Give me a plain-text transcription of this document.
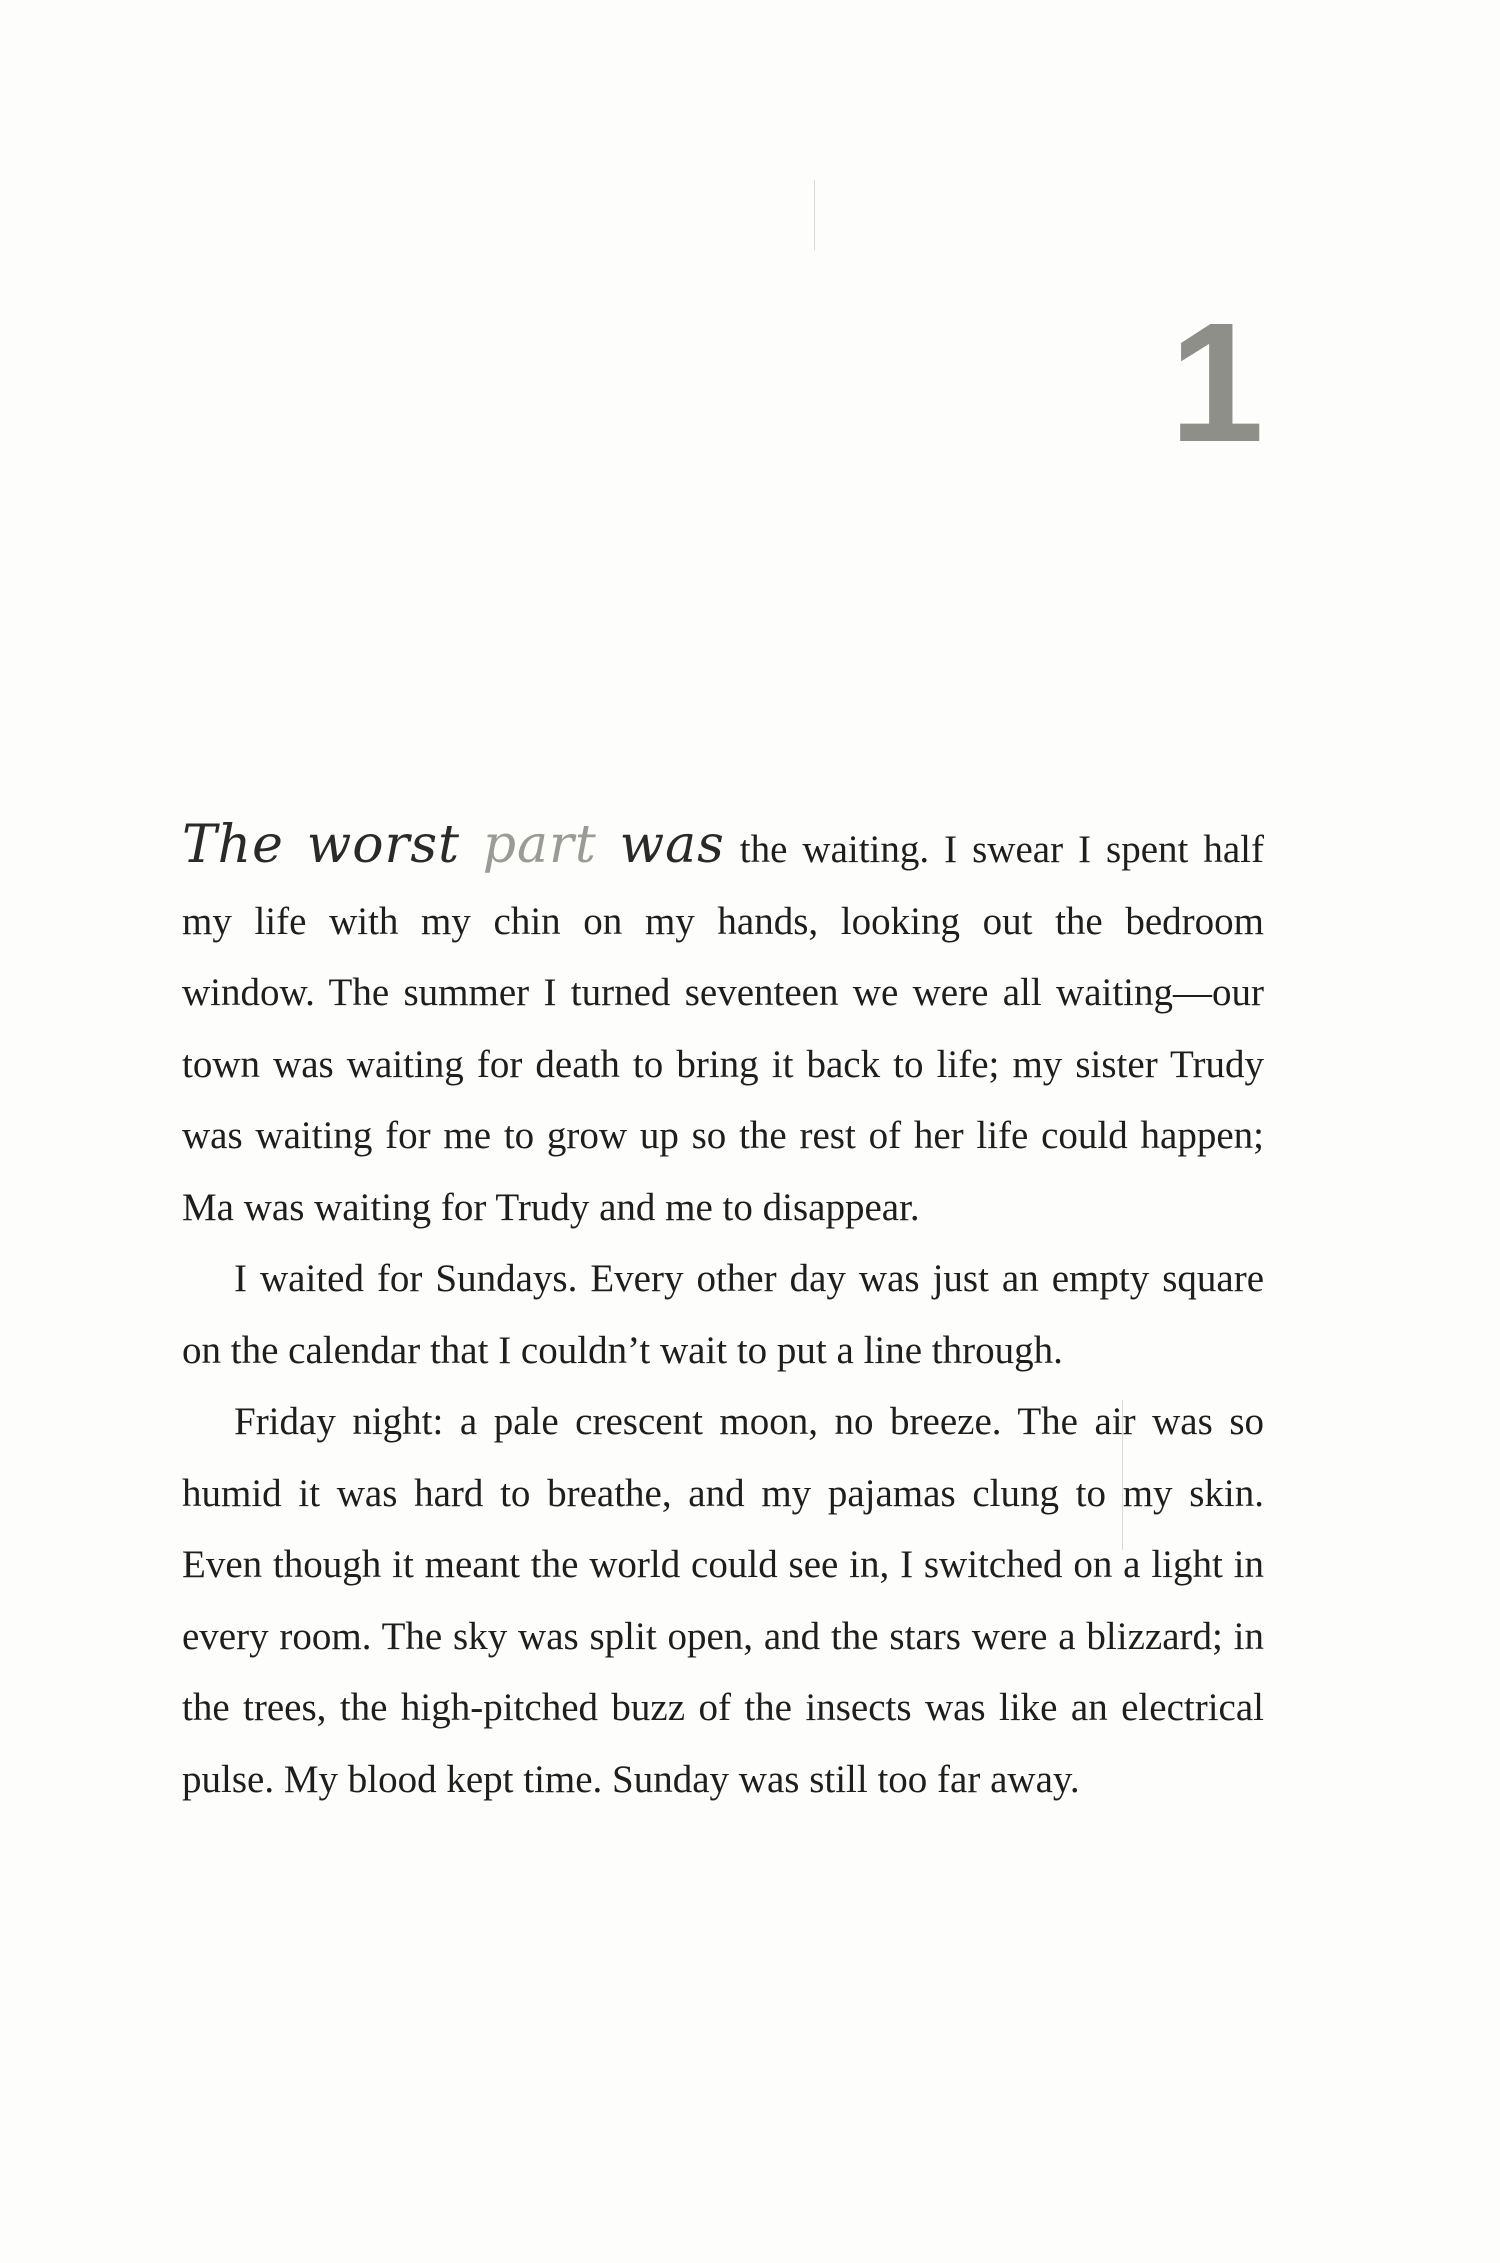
1

The worst part was the waiting. I swear I spent half my life with my chin on my hands, looking out the bedroom window. The summer I turned seventeen we were all waiting—our town was waiting for death to bring it back to life; my sister Trudy was waiting for me to grow up so the rest of her life could happen; Ma was waiting for Trudy and me to disappear.

I waited for Sundays. Every other day was just an empty square on the calendar that I couldn’t wait to put a line through.

Friday night: a pale crescent moon, no breeze. The air was so humid it was hard to breathe, and my pajamas clung to my skin. Even though it meant the world could see in, I switched on a light in every room. The sky was split open, and the stars were a blizzard; in the trees, the high-pitched buzz of the insects was like an electrical pulse. My blood kept time. Sunday was still too far away.
